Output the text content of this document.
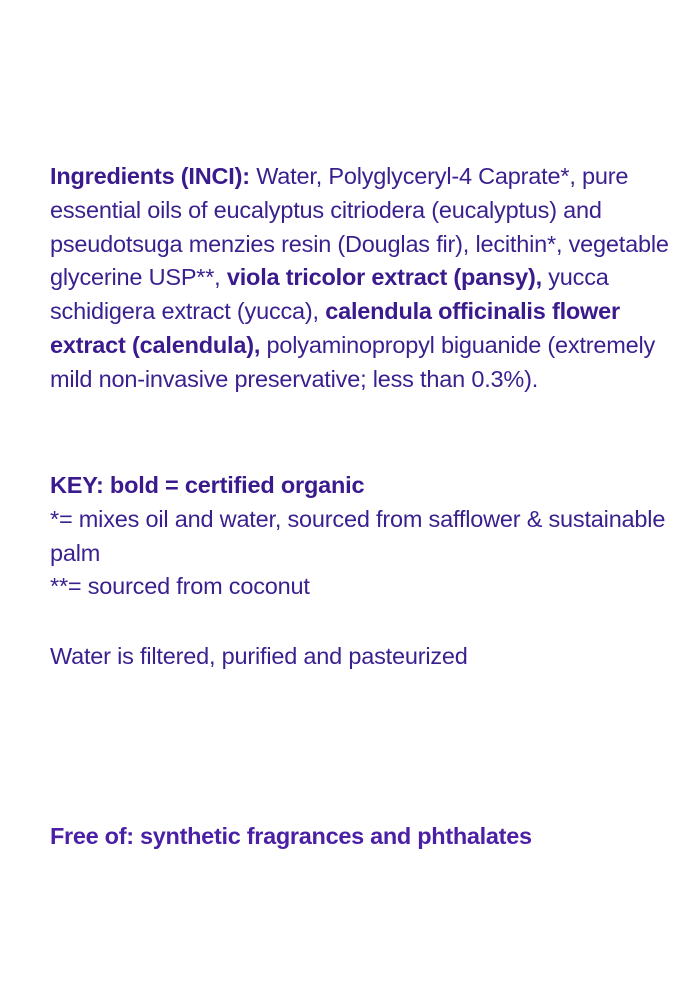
Ingredients (INCI): Water, Polyglyceryl-4 Caprate*, pure essential oils of eucalyptus citriodera (eucalyptus) and pseudotsuga menzies resin (Douglas fir), lecithin*, vegetable glycerine USP**, viola tricolor extract (pansy), yucca schidigera extract (yucca), calendula officinalis flower extract (calendula), polyaminopropyl biguanide (extremely mild non-invasive preservative; less than 0.3%).

KEY: bold = certified organic
*= mixes oil and water, sourced from safflower & sustainable palm
**= sourced from coconut
Water is filtered, purified and pasteurized
Free of: synthetic fragrances and phthalates
